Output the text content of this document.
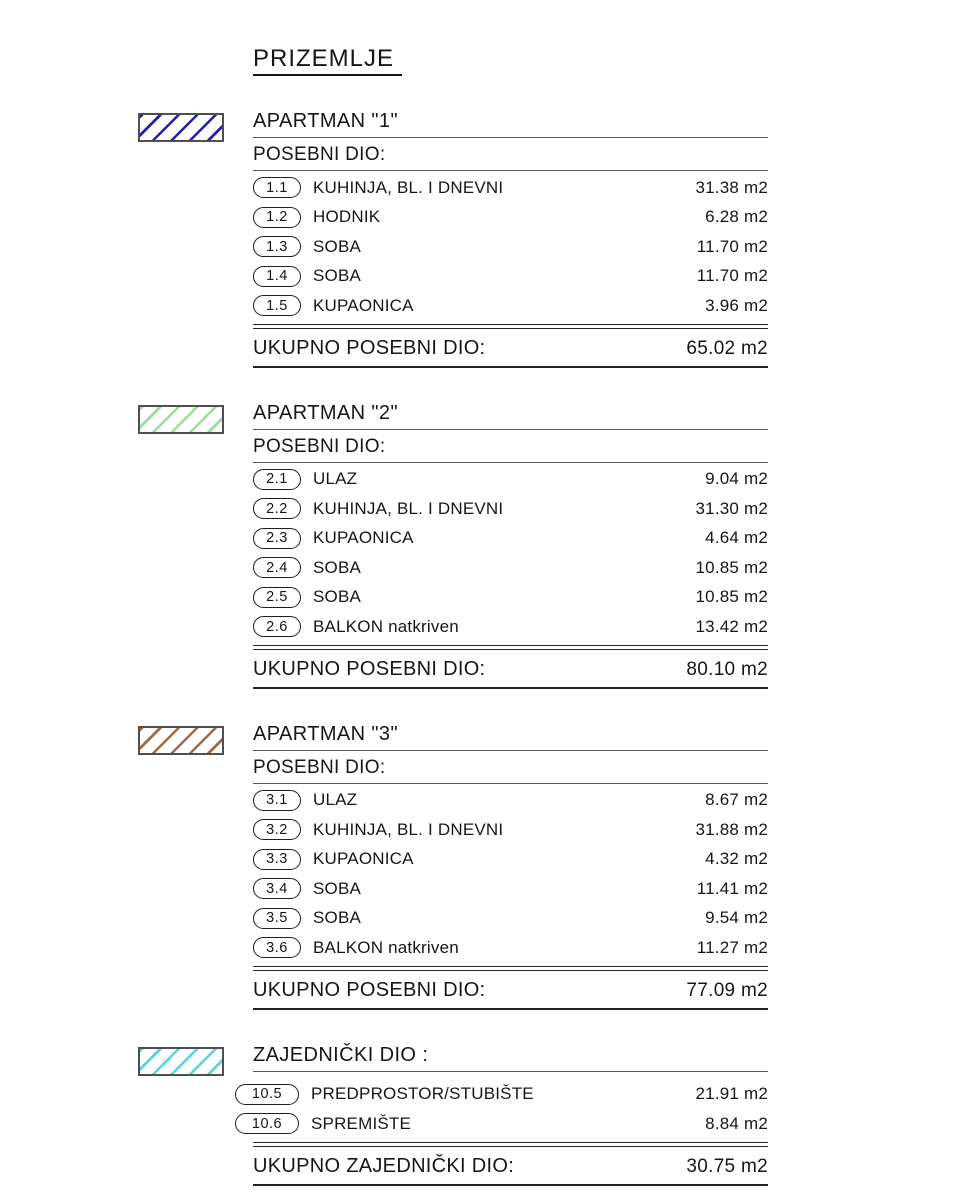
PRIZEMLJE
APARTMAN "1"
POSEBNI DIO:
1.1	KUHINJA, BL. I DNEVNI	31.38 m2
1.2	HODNIK	6.28 m2
1.3	SOBA	11.70 m2
1.4	SOBA	11.70 m2
1.5	KUPAONICA	3.96 m2
UKUPNO POSEBNI DIO:	65.02 m2
APARTMAN "2"
POSEBNI DIO:
2.1	ULAZ	9.04 m2
2.2	KUHINJA, BL. I DNEVNI	31.30 m2
2.3	KUPAONICA	4.64 m2
2.4	SOBA	10.85 m2
2.5	SOBA	10.85 m2
2.6	BALKON natkriven	13.42 m2
UKUPNO POSEBNI DIO:	80.10 m2
APARTMAN "3"
POSEBNI DIO:
3.1	ULAZ	8.67 m2
3.2	KUHINJA, BL. I DNEVNI	31.88 m2
3.3	KUPAONICA	4.32 m2
3.4	SOBA	11.41 m2
3.5	SOBA	9.54 m2
3.6	BALKON natkriven	11.27 m2
UKUPNO POSEBNI DIO:	77.09 m2
ZAJEDNIČKI DIO :
10.5	PREDPROSTOR/STUBIŠTE	21.91 m2
10.6	SPREMIŠTE	8.84 m2
UKUPNO ZAJEDNIČKI DIO:	30.75 m2
